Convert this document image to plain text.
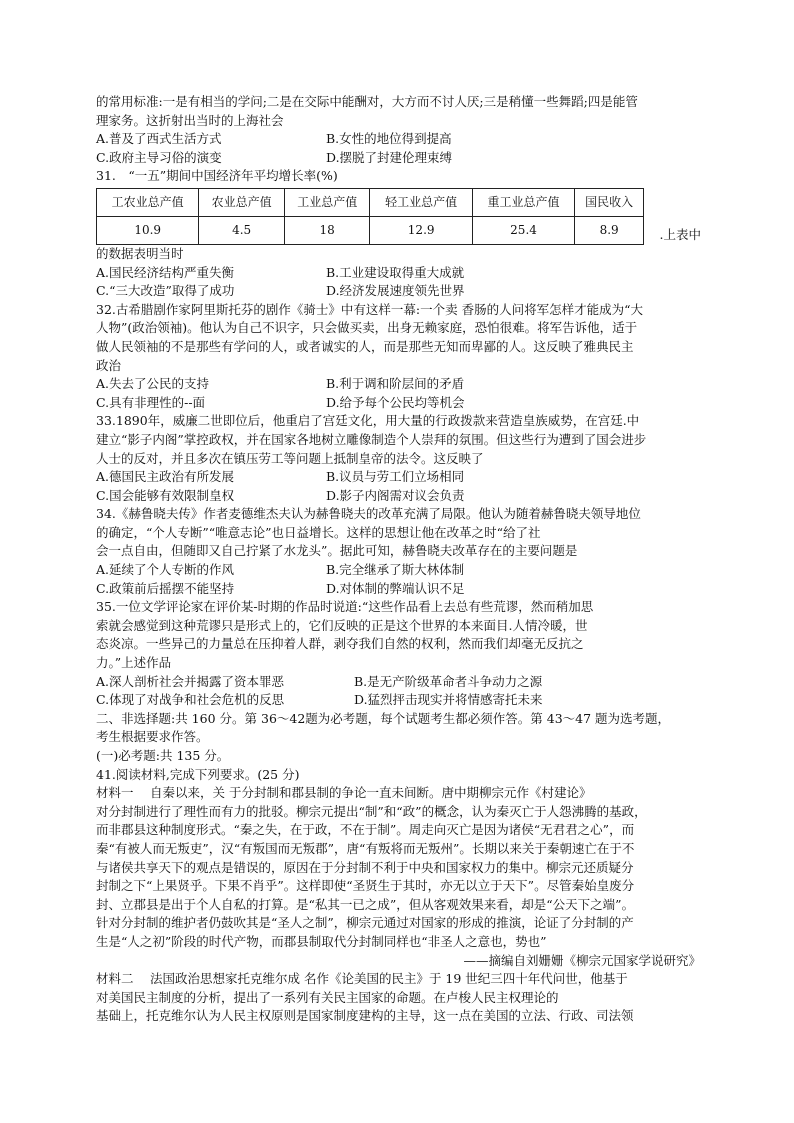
的常用标准:一是有相当的学问;二是在交际中能酬对，大方而不讨人厌;三是稍懂一些舞蹈;四是能管

理家务。这折射出当时的上海社会

A.普及了西式生活方式	B.女性的地位得到提高
C.政府主导习俗的演变	D.摆脱了封建伦理束缚

31.　“一五”期间中国经济年平均增长率(%)

工农业总产值	农业总产值	工业总产值	轻工业总产值	重工业总产值	国民收入
10.9	4.5	18	12.9	25.4	8.9	.上表中

的数据表明当时

A.国民经济结构严重失衡	B.工业建设取得重大成就
C.“三大改造”取得了成功	D.经济发展速度领先世界

32.古希腊剧作家阿里斯托芬的剧作《骑士》中有这样一幕:一个卖 香肠的人问将军怎样才能成为“大

人物”(政治领袖)。他认为自己不识字，只会做买卖，出身无赖家庭，恐怕很难。将军告诉他，适于

做人民领袖的不是那些有学问的人，或者诚实的人，而是那些无知而卑鄙的人。这反映了雅典民主

政治

A.失去了公民的支持	B.利于调和阶层间的矛盾
C.具有非理性的--面	D.给予每个公民均等机会

33.1890年，威廉二世即位后，他重启了宫廷文化，用大量的行政拨款来营造皇族威势，在宫廷.中

建立“影子内阁”掌控政权，并在国家各地树立雕像制造个人崇拜的氛围。但这些行为遭到了国会进步

人士的反对，并且多次在镇压劳工等问题上抵制皇帝的法令。这反映了

A.德国民主政治有所发展	B.议员与劳工们立场相同
C.国会能够有效限制皇权	D.影子内阁需对议会负责

34.《赫鲁晓夫传》作者麦德维杰夫认为赫鲁晓夫的改革充满了局限。他认为随着赫鲁晓夫领导地位

的确定，“个人专断”“唯意志论”也日益增长。这样的思想让他在改革之时“给了社

会一点自由，但随即又自己拧紧了水龙头”。据此可知，赫鲁晓夫改革存在的主要问题是

A.延续了个人专断的作风	B.完全继承了斯大林体制
C.政策前后摇摆不能坚持	D.对体制的弊端认识不足

35.一位文学评论家在评价某-时期的作品时说道:“这些作品看上去总有些荒谬，然而稍加思

索就会感觉到这种荒谬只是形式上的，它们反映的正是这个世界的本来面目.人情冷暖，世

态炎凉。一些异己的力量总在压抑着人群，剥夺我们自然的权利，然而我们却毫无反抗之

力。”上述作品

A.深人剖析社会并揭露了资本罪恶	B.是无产阶级革命者斗争动力之源
C.体现了对战争和社会危机的反思	D.猛烈抨击现实并将情感寄托未来

二、非选择题:共 160 分。第 36～42题为必考题，每个试题考生都必须作答。第 43～47 题为选考题，

考生根据要求作答。

(一)必考题:共 135 分。

41.阅读材料,完成下列要求。(25 分)

材料一　 自秦以来，关 于分封制和郡县制的争论一直未间断。唐中期柳宗元作《村建论》

对分封制进行了理性而有力的批驳。柳宗元提出“制”和“政”的概念，认为秦灭亡于人怨沸腾的基政，

而非郡县这种制度形式。“秦之失，在于政，不在于制”。周走向灭亡是因为诸侯“无君君之心”，而

秦“有被人而无叛吏”，汉“有叛国而无叛郡”，唐“有叛将而无叛州”。长期以来关于秦朝速亡在于不

与诸侯共享天下的观点是错误的，原因在于分封制不利于中央和国家权力的集中。柳宗元还质疑分

封制之下“上果贤乎。下果不肖乎”。这样即使“圣贤生于其时，亦无以立于天下”。尽管秦始皇废分

封、立郡县是出于个人自私的打算。是“私其一已之成”，但从客观效果来看，却是“公天下之端”。

针对分封制的维护者仍鼓吹其是“圣人之制”，柳宗元通过对国家的形成的推演，论证了分封制的产

生是“人之初”阶段的时代产物，而郡县制取代分封制同样也“非圣人之意也，势也”

——摘编自刘姗姗《柳宗元国家学说研究》

材料二　 法国政治思想家托克维尔成 名作《论美国的民主》于 19 世纪三四十年代问世，他基于

对美国民主制度的分析，提出了一系列有关民主国家的命题。在卢梭人民主权理论的

基础上，托克维尔认为人民主权原则是国家制度建构的主导，这一点在美国的立法、行政、司法领
